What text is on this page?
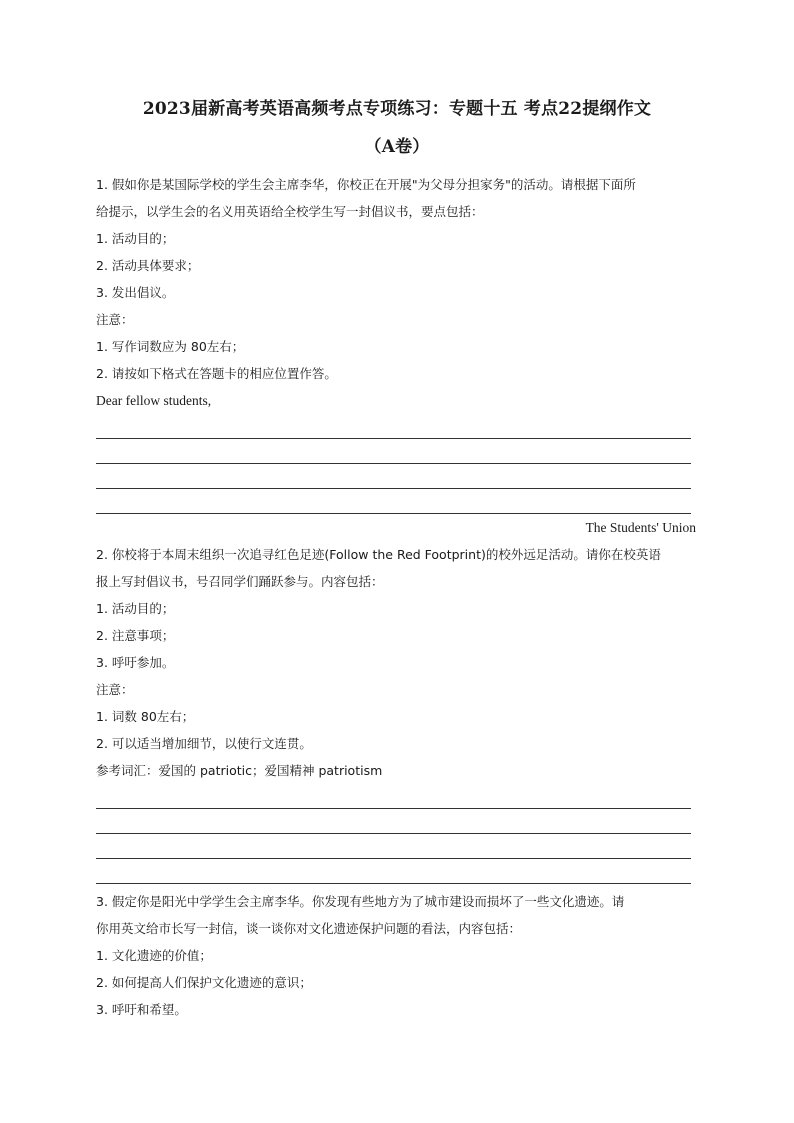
2023届新高考英语高频考点专项练习：专题十五 考点22提纲作文
（A卷）
1. 假如你是某国际学校的学生会主席李华，你校正在开展"为父母分担家务"的活动。请根据下面所
给提示，以学生会的名义用英语给全校学生写一封倡议书，要点包括：
1. 活动目的；
2. 活动具体要求；
3. 发出倡议。
注意：
1. 写作词数应为 80左右；
2. 请按如下格式在答题卡的相应位置作答。
Dear fellow students,
The Students' Union
2. 你校将于本周末组织一次追寻红色足迹(Follow the Red Footprint)的校外远足活动。请你在校英语
报上写封倡议书，号召同学们踊跃参与。内容包括：
1. 活动目的；
2. 注意事项；
3. 呼吁参加。
注意：
1. 词数 80左右；
2. 可以适当增加细节，以使行文连贯。
参考词汇：爱国的 patriotic；爱国精神 patriotism
3. 假定你是阳光中学学生会主席李华。你发现有些地方为了城市建设而损坏了一些文化遗迹。请
你用英文给市长写一封信，谈一谈你对文化遗迹保护问题的看法，内容包括：
1. 文化遗迹的价值；
2. 如何提高人们保护文化遗迹的意识；
3. 呼吁和希望。
